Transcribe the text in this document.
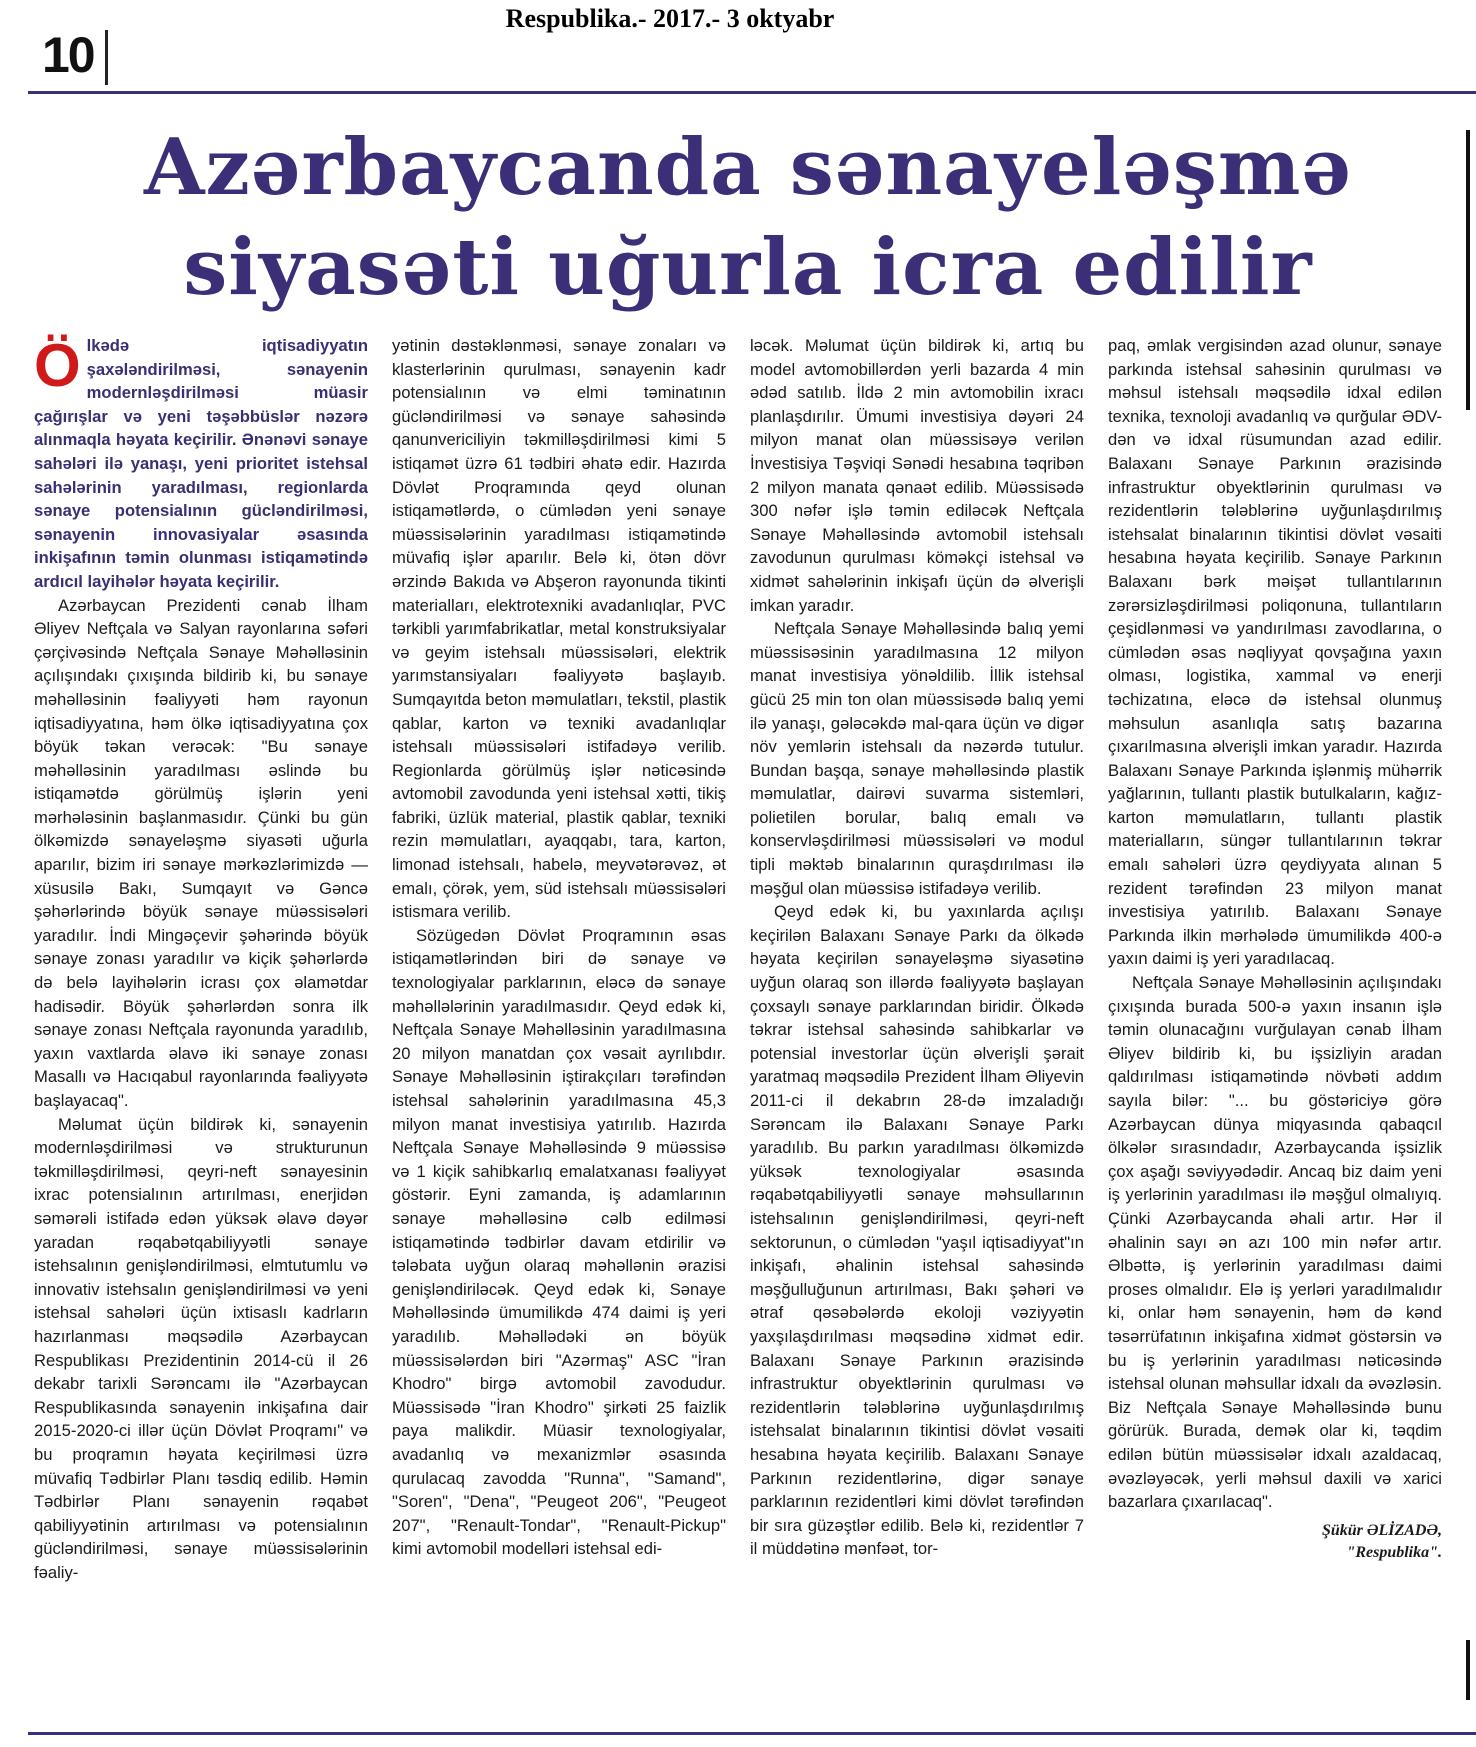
Respublika.- 2017.- 3 oktyabr
10
Azərbaycanda sənayeləşmə
siyasəti uğurla icra edilir

Ölkədə iqtisadiyyatın şaxələndirilməsi, sənayenin modernləşdirilməsi müasir çağırışlar və yeni təşəbbüslər nəzərə alınmaqla həyata keçirilir. Ənənəvi sənaye sahələri ilə yanaşı, yeni prioritet istehsal sahələrinin yaradılması, regionlarda sənaye potensialının gücləndirilməsi, sənayenin innovasiyalar əsasında inkişafının təmin olunması istiqamətində ardıcıl layihələr həyata keçirilir.

Azərbaycan Prezidenti cənab İlham Əliyev Neftçala və Salyan rayonlarına səfəri çərçivəsində Neftçala Sənaye Məhəlləsinin açılışındakı çıxışında bildirib ki, bu sənaye məhəlləsinin fəaliyyəti həm rayonun iqtisadiyyatına, həm ölkə iqtisadiyyatına çox böyük təkan verəcək: "Bu sənaye məhəlləsinin yaradılması əslində bu istiqamətdə görülmüş işlərin yeni mərhələsinin başlanmasıdır. Çünki bu gün ölkəmizdə sənayeləşmə siyasəti uğurla aparılır, bizim iri sənaye mərkəzlərimizdə — xüsusilə Bakı, Sumqayıt və Gəncə şəhərlərində böyük sənaye müəssisələri yaradılır. İndi Mingəçevir şəhərində böyük sənaye zonası yaradılır və kiçik şəhərlərdə də belə layihələrin icrası çox əlamətdar hadisədir. Böyük şəhərlərdən sonra ilk sənaye zonası Neftçala rayonunda yaradılıb, yaxın vaxtlarda əlavə iki sənaye zonası Masallı və Hacıqabul rayonlarında fəaliyyətə başlayacaq".

Məlumat üçün bildirək ki, sənayenin modernləşdirilməsi və strukturunun təkmilləşdirilməsi, qeyri-neft sənayesinin ixrac potensialının artırılması, enerjidən səmərəli istifadə edən yüksək əlavə dəyər yaradan rəqabətqabiliyyətli sənaye istehsalının genişləndirilməsi, elmtutumlu və innovativ istehsalın genişləndirilməsi və yeni istehsal sahələri üçün ixtisaslı kadrların hazırlanması məqsədilə Azərbaycan Respublikası Prezidentinin 2014-cü il 26 dekabr tarixli Sərəncamı ilə "Azərbaycan Respublikasında sənayenin inkişafına dair 2015-2020-ci illər üçün Dövlət Proqramı" və bu proqramın həyata keçirilməsi üzrə müvafiq Tədbirlər Planı təsdiq edilib. Həmin Tədbirlər Planı sənayenin rəqabət qabiliyyətinin artırılması və potensialının gücləndirilməsi, sənaye müəssisələrinin fəaliy-

yətinin dəstəklənməsi, sənaye zonaları və klasterlərinin qurulması, sənayenin kadr potensialının və elmi təminatının gücləndirilməsi və sənaye sahəsində qanunvericiliyin təkmilləşdirilməsi kimi 5 istiqamət üzrə 61 tədbiri əhatə edir. Hazırda Dövlət Proqramında qeyd olunan istiqamətlərdə, o cümlədən yeni sənaye müəssisələrinin yaradılması istiqamətində müvafiq işlər aparılır. Belə ki, ötən dövr ərzində Bakıda və Abşeron rayonunda tikinti materialları, elektrotexniki avadanlıqlar, PVC tərkibli yarımfabrikatlar, metal konstruksiyalar və geyim istehsalı müəssisələri, elektrik yarımstansiyaları fəaliyyətə başlayıb. Sumqayıtda beton məmulatları, tekstil, plastik qablar, karton və texniki avadanlıqlar istehsalı müəssisələri istifadəyə verilib. Regionlarda görülmüş işlər nəticəsində avtomobil zavodunda yeni istehsal xətti, tikiş fabriki, üzlük material, plastik qablar, texniki rezin məmulatları, ayaqqabı, tara, karton, limonad istehsalı, habelə, meyvətərəvəz, ət emalı, çörək, yem, süd istehsalı müəssisələri istismara verilib.

Sözügedən Dövlət Proqramının əsas istiqamətlərindən biri də sənaye və texnologiyalar parklarının, eləcə də sənaye məhəllələrinin yaradılmasıdır. Qeyd edək ki, Neftçala Sənaye Məhəlləsinin yaradılmasına 20 milyon manatdan çox vəsait ayrılıbdır. Sənaye Məhəlləsinin iştirakçıları tərəfindən istehsal sahələrinin yaradılmasına 45,3 milyon manat investisiya yatırılıb. Hazırda Neftçala Sənaye Məhəlləsində 9 müəssisə və 1 kiçik sahibkarlıq emalatxanası fəaliyyət göstərir. Eyni zamanda, iş adamlarının sənaye məhəlləsinə cəlb edilməsi istiqamətində tədbirlər davam etdirilir və tələbata uyğun olaraq məhəllənin ərazisi genişləndiriləcək. Qeyd edək ki, Sənaye Məhəlləsində ümumilikdə 474 daimi iş yeri yaradılıb. Məhəllədəki ən böyük müəssisələrdən biri "Azərmaş" ASC "İran Khodro" birgə avtomobil zavodudur. Müəssisədə "İran Khodro" şirkəti 25 faizlik paya malikdir. Müasir texnologiyalar, avadanlıq və mexanizmlər əsasında qurulacaq zavodda "Runna", "Samand", "Soren", "Dena", "Peugeot 206", "Peugeot 207", "Renault-Tondar", "Renault-Pickup" kimi avtomobil modelləri istehsal edi-

ləcək. Məlumat üçün bildirək ki, artıq bu model avtomobillərdən yerli bazarda 4 min ədəd satılıb. İldə 2 min avtomobilin ixracı planlaşdırılır. Ümumi investisiya dəyəri 24 milyon manat olan müəssisəyə verilən İnvestisiya Təşviqi Sənədi hesabına təqribən 2 milyon manata qənaət edilib. Müəssisədə 300 nəfər işlə təmin ediləcək Neftçala Sənaye Məhəlləsində avtomobil istehsalı zavodunun qurulması köməkçi istehsal və xidmət sahələrinin inkişafı üçün də əlverişli imkan yaradır.

Neftçala Sənaye Məhəlləsində balıq yemi müəssisəsinin yaradılmasına 12 milyon manat investisiya yönəldilib. İllik istehsal gücü 25 min ton olan müəssisədə balıq yemi ilə yanaşı, gələcəkdə mal-qara üçün və digər növ yemlərin istehsalı da nəzərdə tutulur. Bundan başqa, sənaye məhəlləsində plastik məmulatlar, dairəvi suvarma sistemləri, polietilen borular, balıq emalı və konservləşdirilməsi müəssisələri və modul tipli məktəb binalarının quraşdırılması ilə məşğul olan müəssisə istifadəyə verilib.

Qeyd edək ki, bu yaxınlarda açılışı keçirilən Balaxanı Sənaye Parkı da ölkədə həyata keçirilən sənayeləşmə siyasətinə uyğun olaraq son illərdə fəaliyyətə başlayan çoxsaylı sənaye parklarından biridir. Ölkədə təkrar istehsal sahəsində sahibkarlar və potensial investorlar üçün əlverişli şərait yaratmaq məqsədilə Prezident İlham Əliyevin 2011-ci il dekabrın 28-də imzaladığı Sərəncam ilə Balaxanı Sənaye Parkı yaradılıb. Bu parkın yaradılması ölkəmizdə yüksək texnologiyalar əsasında rəqabətqabiliyyətli sənaye məhsullarının istehsalının genişləndirilməsi, qeyri-neft sektorunun, o cümlədən "yaşıl iqtisadiyyat"ın inkişafı, əhalinin istehsal sahəsində məşğulluğunun artırılması, Bakı şəhəri və ətraf qəsəbələrdə ekoloji vəziyyətin yaxşılaşdırılması məqsədinə xidmət edir. Balaxanı Sənaye Parkının ərazisində infrastruktur obyektlərinin qurulması və rezidentlərin tələblərinə uyğunlaşdırılmış istehsalat binalarının tikintisi dövlət vəsaiti hesabına həyata keçirilib. Balaxanı Sənaye Parkının rezidentlərinə, digər sənaye parklarının rezidentləri kimi dövlət tərəfindən bir sıra güzəştlər edilib. Belə ki, rezidentlər 7 il müddətinə mənfəət, tor-

paq, əmlak vergisindən azad olunur, sənaye parkında istehsal sahəsinin qurulması və məhsul istehsalı məqsədilə idxal edilən texnika, texnoloji avadanlıq və qurğular ƏDV-dən və idxal rüsumundan azad edilir. Balaxanı Sənaye Parkının ərazisində infrastruktur obyektlərinin qurulması və rezidentlərin tələblərinə uyğunlaşdırılmış istehsalat binalarının tikintisi dövlət vəsaiti hesabına həyata keçirilib. Sənaye Parkının Balaxanı bərk məişət tullantılarının zərərsizləşdirilməsi poliqonuna, tullantıların çeşidlənməsi və yandırılması zavodlarına, o cümlədən əsas nəqliyyat qovşağına yaxın olması, logistika, xammal və enerji təchizatına, eləcə də istehsal olunmuş məhsulun asanlıqla satış bazarına çıxarılmasına əlverişli imkan yaradır. Hazırda Balaxanı Sənaye Parkında işlənmiş mühərrik yağlarının, tullantı plastik butulkaların, kağız-karton məmulatların, tullantı plastik materialların, süngər tullantılarının təkrar emalı sahələri üzrə qeydiyyata alınan 5 rezident tərəfindən 23 milyon manat investisiya yatırılıb. Balaxanı Sənaye Parkında ilkin mərhələdə ümumilikdə 400-ə yaxın daimi iş yeri yaradılacaq.

Neftçala Sənaye Məhəlləsinin açılışındakı çıxışında burada 500-ə yaxın insanın işlə təmin olunacağını vurğulayan cənab İlham Əliyev bildirib ki, bu işsizliyin aradan qaldırılması istiqamətində növbəti addım sayıla bilər: "... bu göstəriciyə görə Azərbaycan dünya miqyasında qabaqcıl ölkələr sırasındadır, Azərbaycanda işsizlik çox aşağı səviyyədədir. Ancaq biz daim yeni iş yerlərinin yaradılması ilə məşğul olmalıyıq. Çünki Azərbaycanda əhali artır. Hər il əhalinin sayı ən azı 100 min nəfər artır. Əlbəttə, iş yerlərinin yaradılması daimi proses olmalıdır. Elə iş yerləri yaradılmalıdır ki, onlar həm sənayenin, həm də kənd təsərrüfatının inkişafına xidmət göstərsin və bu iş yerlərinin yaradılması nəticəsində istehsal olunan məhsullar idxalı da əvəzləsin. Biz Neftçala Sənaye Məhəlləsində bunu görürük. Burada, demək olar ki, təqdim edilən bütün müəssisələr idxalı azaldacaq, əvəzləyəcək, yerli məhsul daxili və xarici bazarlara çıxarılacaq".

Şükür ƏLİZADƏ,
"Respublika".
